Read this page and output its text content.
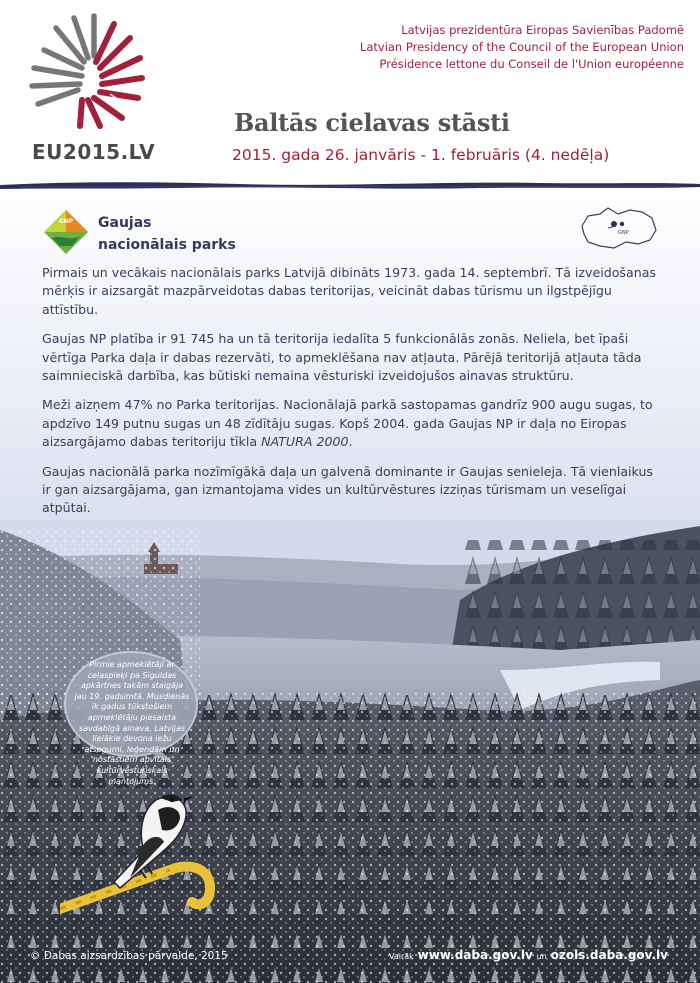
EU2015.LV
Latvijas prezidentūra Eiropas Savienības Padomē
Latvian Presidency of the Council of the European Union
Présidence lettone du Conseil de l'Union européenne
Baltās cielavas stāsti
2015. gada 26. janvāris - 1. februāris (4. nedēļa)
GNP Gaujas
nacionālais parks
GNP

Pirmais un vecākais nacionālais parks Latvijā dibināts 1973. gada 14. septembrī. Tā izveidošanas mērķis ir aizsargāt mazpārveidotas dabas teritorijas, veicināt dabas tūrismu un ilgstpējīgu attīstību.

Gaujas NP platība ir 91 745 ha un tā teritorija iedalīta 5 funkcionālās zonās. Neliela, bet īpaši vērtīga Parka daļa ir dabas rezervāti, to apmeklēšana nav atļauta. Pārējā teritorijā atļauta tāda saimnieciskā darbība, kas būtiski nemaina vēsturiski izveidojušos ainavas struktūru.

Meži aizņem 47% no Parka teritorijas. Nacionālajā parkā sastopamas gandrīz 900 augu sugas, to apdzīvo 149 putnu sugas un 48 zīdītāju sugas. Kopš 2004. gada Gaujas NP ir daļa no Eiropas aizsargājamo dabas teritoriju tīkla NATURA 2000.

Gaujas nacionālā parka nozīmīgākā daļa un galvenā dominante ir Gaujas senieleja. Tā vienlaikus ir gan aizsargājama, gan izmantojama vides un kultūrvēstures izziņas tūrismam un veselīgai atpūtai.

Pirmie apmeklētāji ar ceļaspieķi pa Siguldas apkārtnes takām staigāja jau 19. gadsimtā. Musdienās ik gadus tūkstošiem apmeklētāju piesaista savdabīgā ainava, Latvijas lielākie devona iežu atsegumi, leģendām un nostāstiem apvītais kultūrvēsturiskais mantojums.
© Dabas aizsardzības pārvalde, 2015	Vairāk www.daba.gov.lv un ozols.daba.gov.lv
